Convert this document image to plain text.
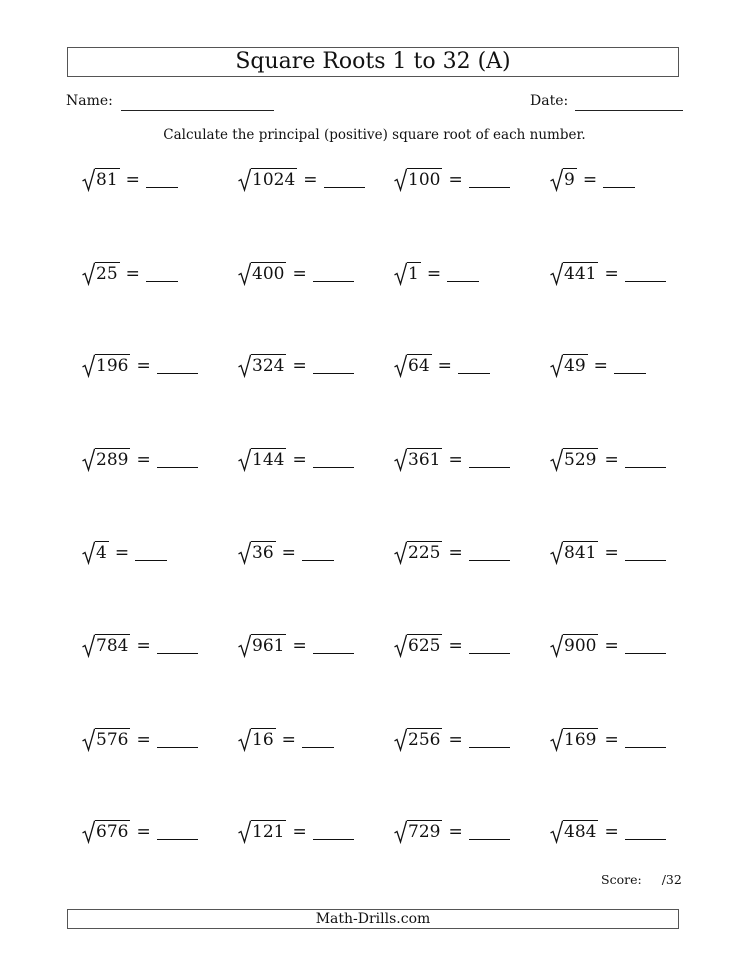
Square Roots 1 to 32 (A)
Name:	Date:
Calculate the principal (positive) square root of each number.
81 =	1024 =	100 =	9 =
25 =	400 =	1 =	441 =
196 =	324 =	64 =	49 =
289 =	144 =	361 =	529 =
4 =	36 =	225 =	841 =
784 =	961 =	625 =	900 =
576 =	16 =	256 =	169 =
676 =	121 =	729 =	484 =
Score: /32
Math-Drills.com
